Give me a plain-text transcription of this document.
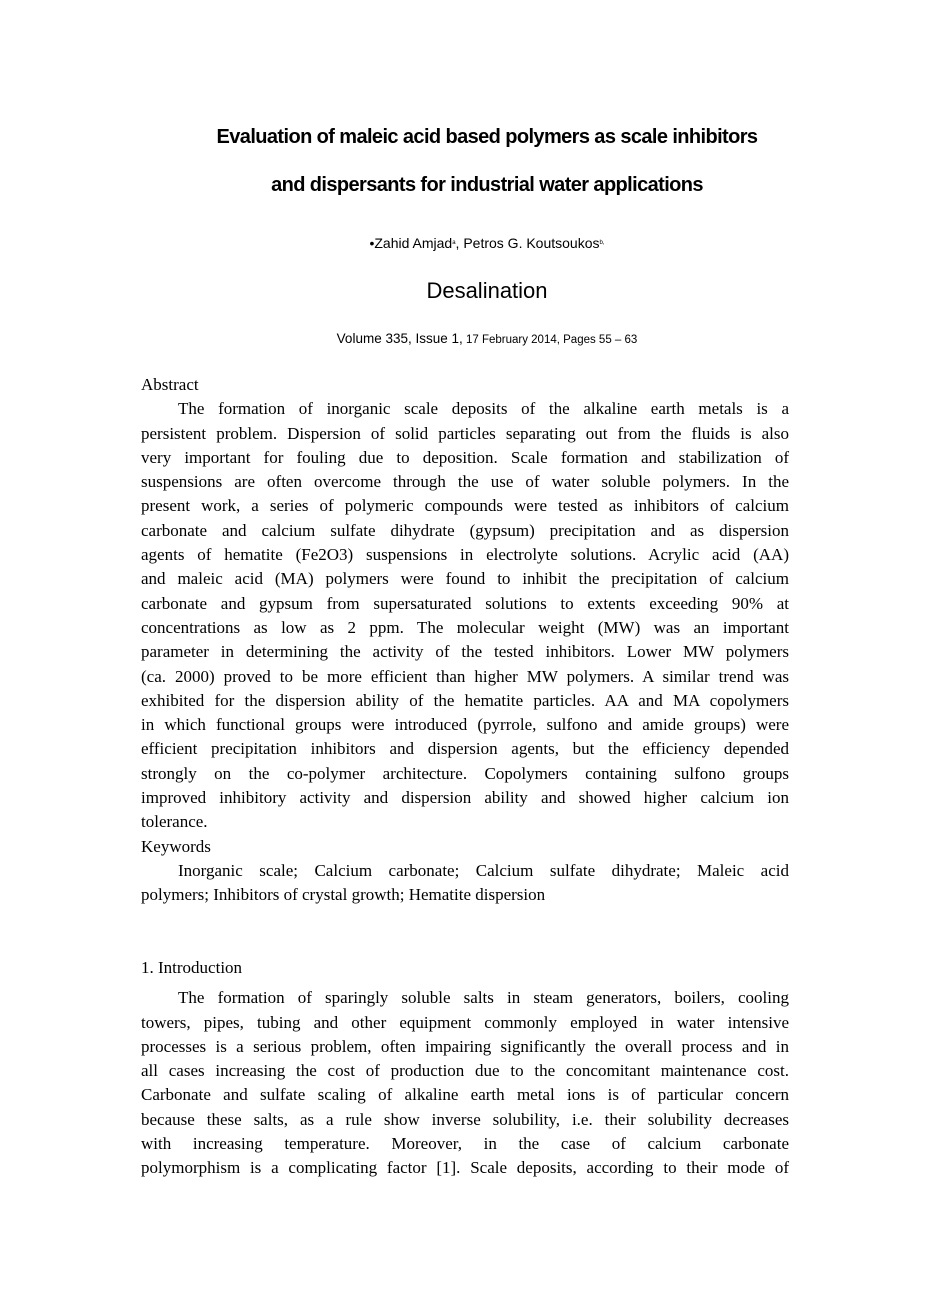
Evaluation of maleic acid based polymers as scale inhibitors
and dispersants for industrial water applications
•Zahid Amjad$^a$, Petros G. Koutsoukos$^{b,}$
Desalination
Volume 335, Issue 1, 17 February 2014, Pages 55 – 63
Abstract
The formation of inorganic scale deposits of the alkaline earth metals is a
persistent problem. Dispersion of solid particles separating out from the fluids is also
very important for fouling due to deposition. Scale formation and stabilization of
suspensions are often overcome through the use of water soluble polymers. In the
present work, a series of polymeric compounds were tested as inhibitors of calcium
carbonate and calcium sulfate dihydrate (gypsum) precipitation and as dispersion
agents of hematite (Fe2O3) suspensions in electrolyte solutions. Acrylic acid (AA)
and maleic acid (MA) polymers were found to inhibit the precipitation of calcium
carbonate and gypsum from supersaturated solutions to extents exceeding 90% at
concentrations as low as 2 ppm. The molecular weight (MW) was an important
parameter in determining the activity of the tested inhibitors. Lower MW polymers
(ca. 2000) proved to be more efficient than higher MW polymers. A similar trend was
exhibited for the dispersion ability of the hematite particles. AA and MA copolymers
in which functional groups were introduced (pyrrole, sulfono and amide groups) were
efficient precipitation inhibitors and dispersion agents, but the efficiency depended
strongly on the co-polymer architecture. Copolymers containing sulfono groups
improved inhibitory activity and dispersion ability and showed higher calcium ion
tolerance.
Keywords
Inorganic scale; Calcium carbonate; Calcium sulfate dihydrate; Maleic acid
polymers; Inhibitors of crystal growth; Hematite dispersion
1. Introduction
The formation of sparingly soluble salts in steam generators, boilers, cooling
towers, pipes, tubing and other equipment commonly employed in water intensive
processes is a serious problem, often impairing significantly the overall process and in
all cases increasing the cost of production due to the concomitant maintenance cost.
Carbonate and sulfate scaling of alkaline earth metal ions is of particular concern
because these salts, as a rule show inverse solubility, i.e. their solubility decreases
with increasing temperature. Moreover, in the case of calcium carbonate
polymorphism is a complicating factor [1]. Scale deposits, according to their mode of
